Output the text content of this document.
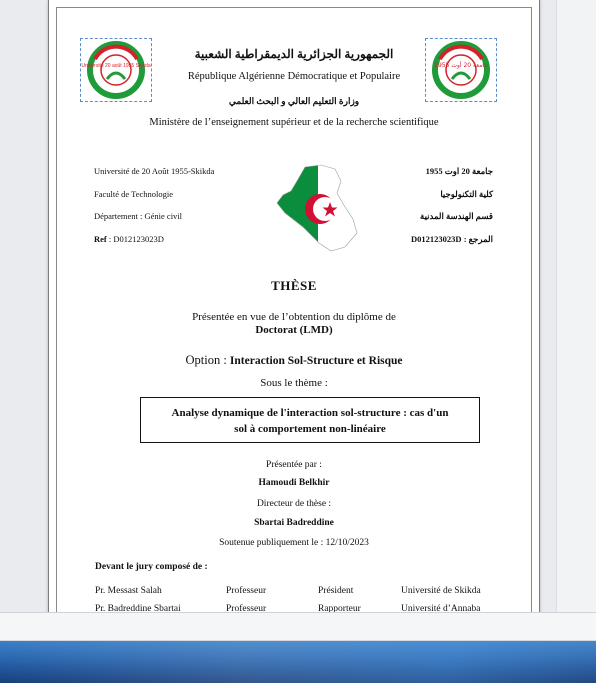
Université 20 août 1955 Skikda	جامعة 20 أوت 1955
الجمهورية الجزائرية الديمقراطية الشعبية
République Algérienne Démocratique et Populaire
وزارة التعليم العالي و البحث العلمي
Ministère de l’enseignement supérieur et de la recherche scientifique
Université de 20 Août 1955-Skikda
Faculté de Technologie
Département : Génie civil
Ref : D012123023D
جامعة 20 اوت 1955
كلية التكنولوجيا
قسم الهندسة المدنية
D012123023D : المرجع
THÈSE
Présentée en vue de l’obtention du diplôme de
Doctorat (LMD)
Option : Interaction Sol-Structure et Risque
Sous le thème :
Analyse dynamique de l'interaction sol-structure : cas d'un
sol à comportement non-linéaire
Présentée par :
Hamoudi Belkhir
Directeur de thèse :
Sbartai Badreddine
Soutenue publiquement le : 12/10/2023
Devant le jury composé de :
Pr. Messast Salah	Professeur	Président	Université de Skikda
Pr. Badreddine Sbartai	Professeur	Rapporteur	Université d’Annaba
